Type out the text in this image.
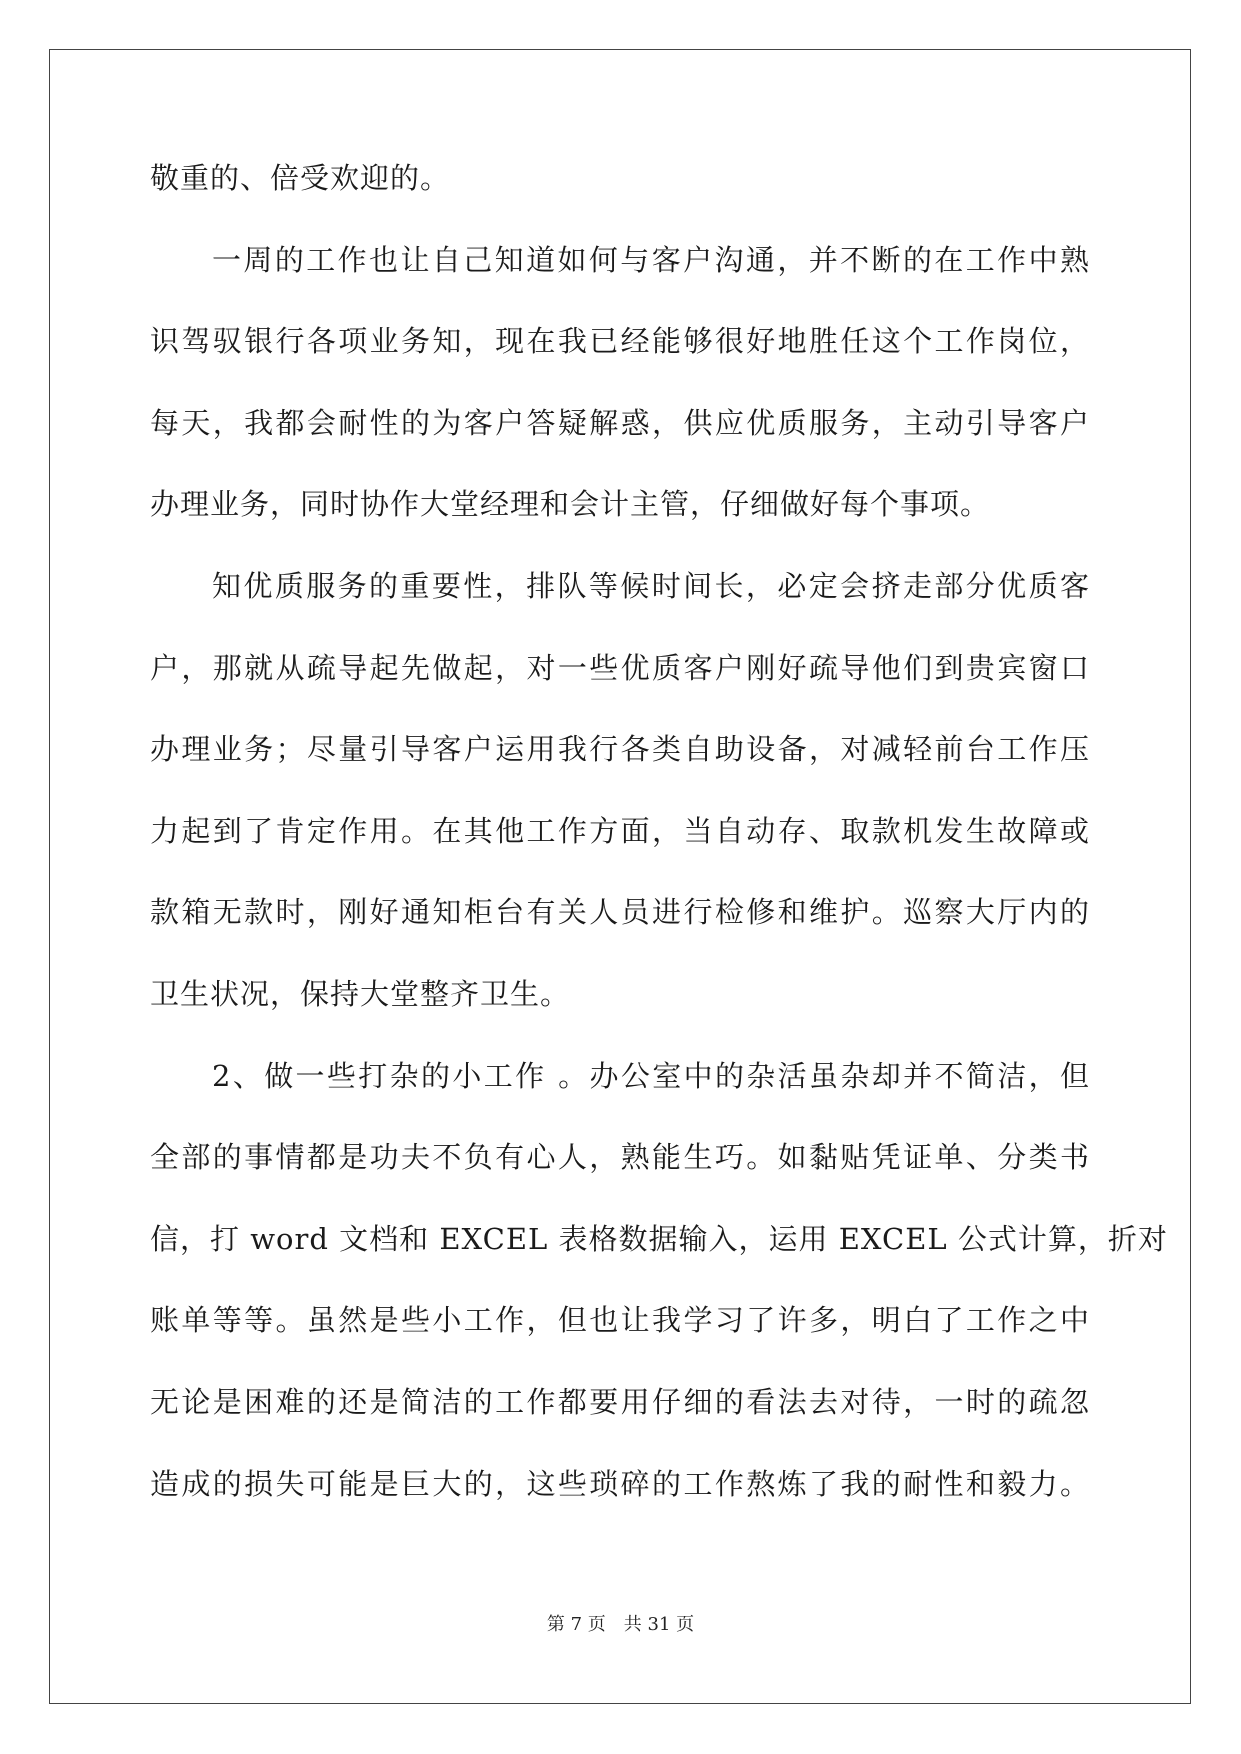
敬重的、倍受欢迎的。
一周的工作也让自己知道如何与客户沟通，并不断的在工作中熟
识驾驭银行各项业务知，现在我已经能够很好地胜任这个工作岗位，
每天，我都会耐性的为客户答疑解惑，供应优质服务，主动引导客户
办理业务，同时协作大堂经理和会计主管，仔细做好每个事项。
知优质服务的重要性，排队等候时间长，必定会挤走部分优质客
户，那就从疏导起先做起，对一些优质客户刚好疏导他们到贵宾窗口
办理业务；尽量引导客户运用我行各类自助设备，对减轻前台工作压
力起到了肯定作用。在其他工作方面，当自动存、取款机发生故障或
款箱无款时，刚好通知柜台有关人员进行检修和维护。巡察大厅内的
卫生状况，保持大堂整齐卫生。
2、做一些打杂的小工作 。办公室中的杂活虽杂却并不简洁，但
全部的事情都是功夫不负有心人，熟能生巧。如黏贴凭证单、分类书
信，打 word 文档和 EXCEL 表格数据输入，运用 EXCEL 公式计算，折对
账单等等。虽然是些小工作，但也让我学习了许多，明白了工作之中
无论是困难的还是简洁的工作都要用仔细的看法去对待，一时的疏忽
造成的损失可能是巨大的，这些琐碎的工作熬炼了我的耐性和毅力。
第 7 页 共 31 页
